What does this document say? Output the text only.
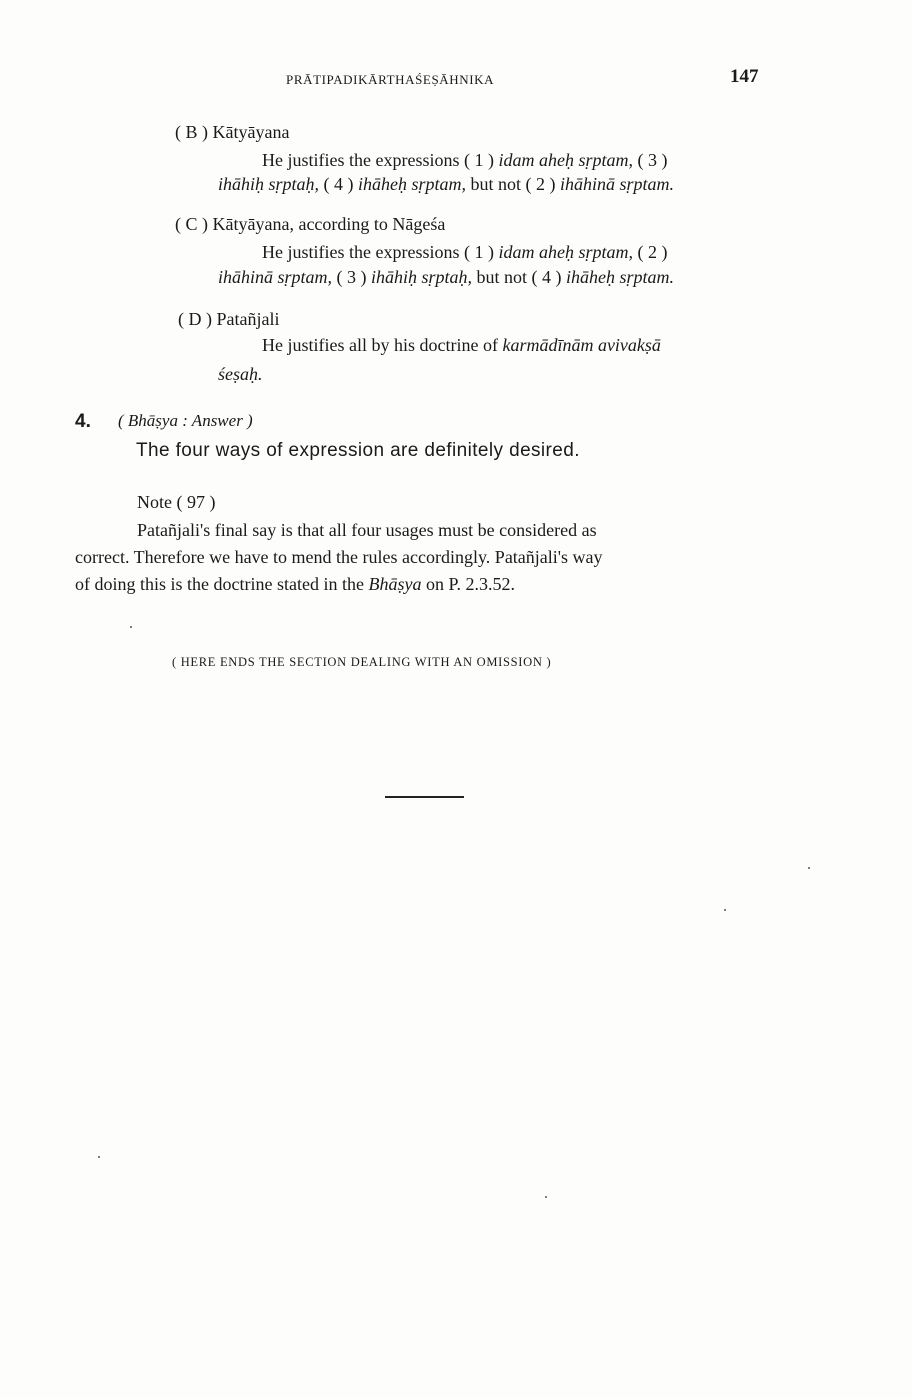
PRĀTIPADIKĀRTHAŚEṢĀHNIKA	147
( B ) Kātyāyana
He justifies the expressions ( 1 ) idam aheḥ sṛptam, ( 3 )
ihāhiḥ sṛptaḥ, ( 4 ) ihāheḥ sṛptam, but not ( 2 ) ihāhinā sṛptam.
( C ) Kātyāyana, according to Nāgeśa
He justifies the expressions ( 1 ) idam aheḥ sṛptam, ( 2 )
ihāhinā sṛptam, ( 3 ) ihāhiḥ sṛptaḥ, but not ( 4 ) ihāheḥ sṛptam.
( D ) Patañjali
He justifies all by his doctrine of karmādīnām avivakṣā
śeṣaḥ.
4. ( Bhāṣya : Answer )
The four ways of expression are definitely desired.
Note ( 97 )
Patañjali's final say is that all four usages must be considered as
correct. Therefore we have to mend the rules accordingly. Patañjali's way
of doing this is the doctrine stated in the Bhāṣya on P. 2.3.52.
( HERE ENDS THE SECTION DEALING WITH AN OMISSION )
